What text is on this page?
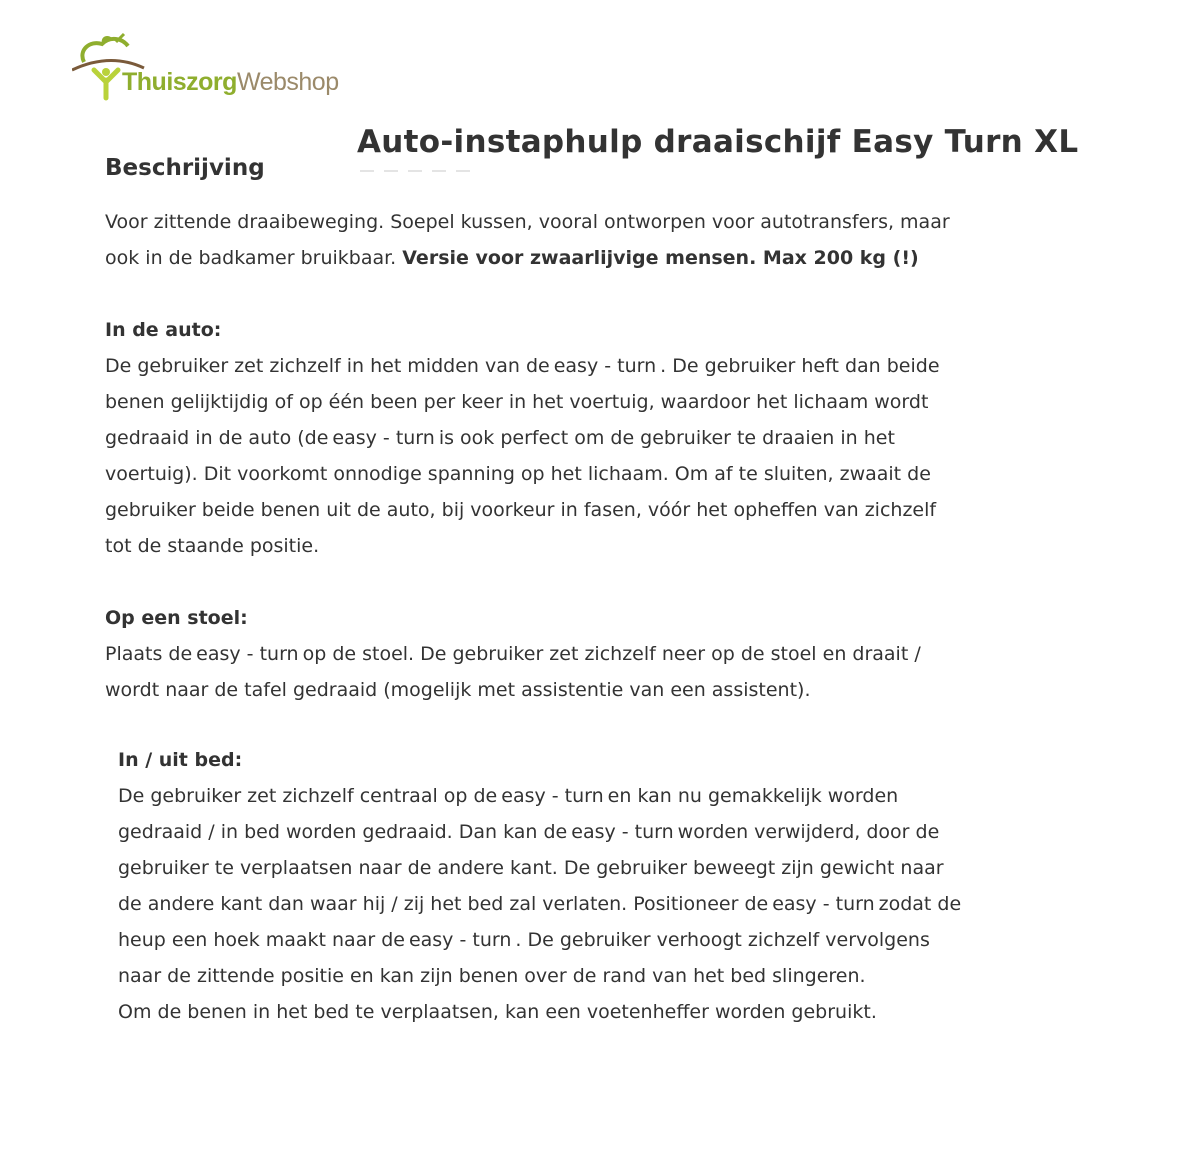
ThuiszorgWebshop
Auto-instaphulp draaischijf Easy Turn XL
Beschrijving

Voor zittende draaibeweging. Soepel kussen, vooral ontworpen voor autotransfers, maar ook in de badkamer bruikbaar. Versie voor zwaarlijvige mensen. Max 200 kg (!)

In de auto:
De gebruiker zet zichzelf in het midden van de easy - turn . De gebruiker heft dan beide benen gelijktijdig of op één been per keer in het voertuig, waardoor het lichaam wordt gedraaid in de auto (de easy - turn is ook perfect om de gebruiker te draaien in het voertuig). Dit voorkomt onnodige spanning op het lichaam. Om af te sluiten, zwaait de gebruiker beide benen uit de auto, bij voorkeur in fasen, vóór het opheffen van zichzelf tot de staande positie.

Op een stoel:
Plaats de easy - turn op de stoel. De gebruiker zet zichzelf neer op de stoel en draait / wordt naar de tafel gedraaid (mogelijk met assistentie van een assistent).

In / uit bed:
De gebruiker zet zichzelf centraal op de easy - turn en kan nu gemakkelijk worden gedraaid / in bed worden gedraaid. Dan kan de easy - turn worden verwijderd, door de gebruiker te verplaatsen naar de andere kant. De gebruiker beweegt zijn gewicht naar de andere kant dan waar hij / zij het bed zal verlaten. Positioneer de easy - turn zodat de heup een hoek maakt naar de easy - turn . De gebruiker verhoogt zichzelf vervolgens naar de zittende positie en kan zijn benen over de rand van het bed slingeren.
Om de benen in het bed te verplaatsen, kan een voetenheffer worden gebruikt.
